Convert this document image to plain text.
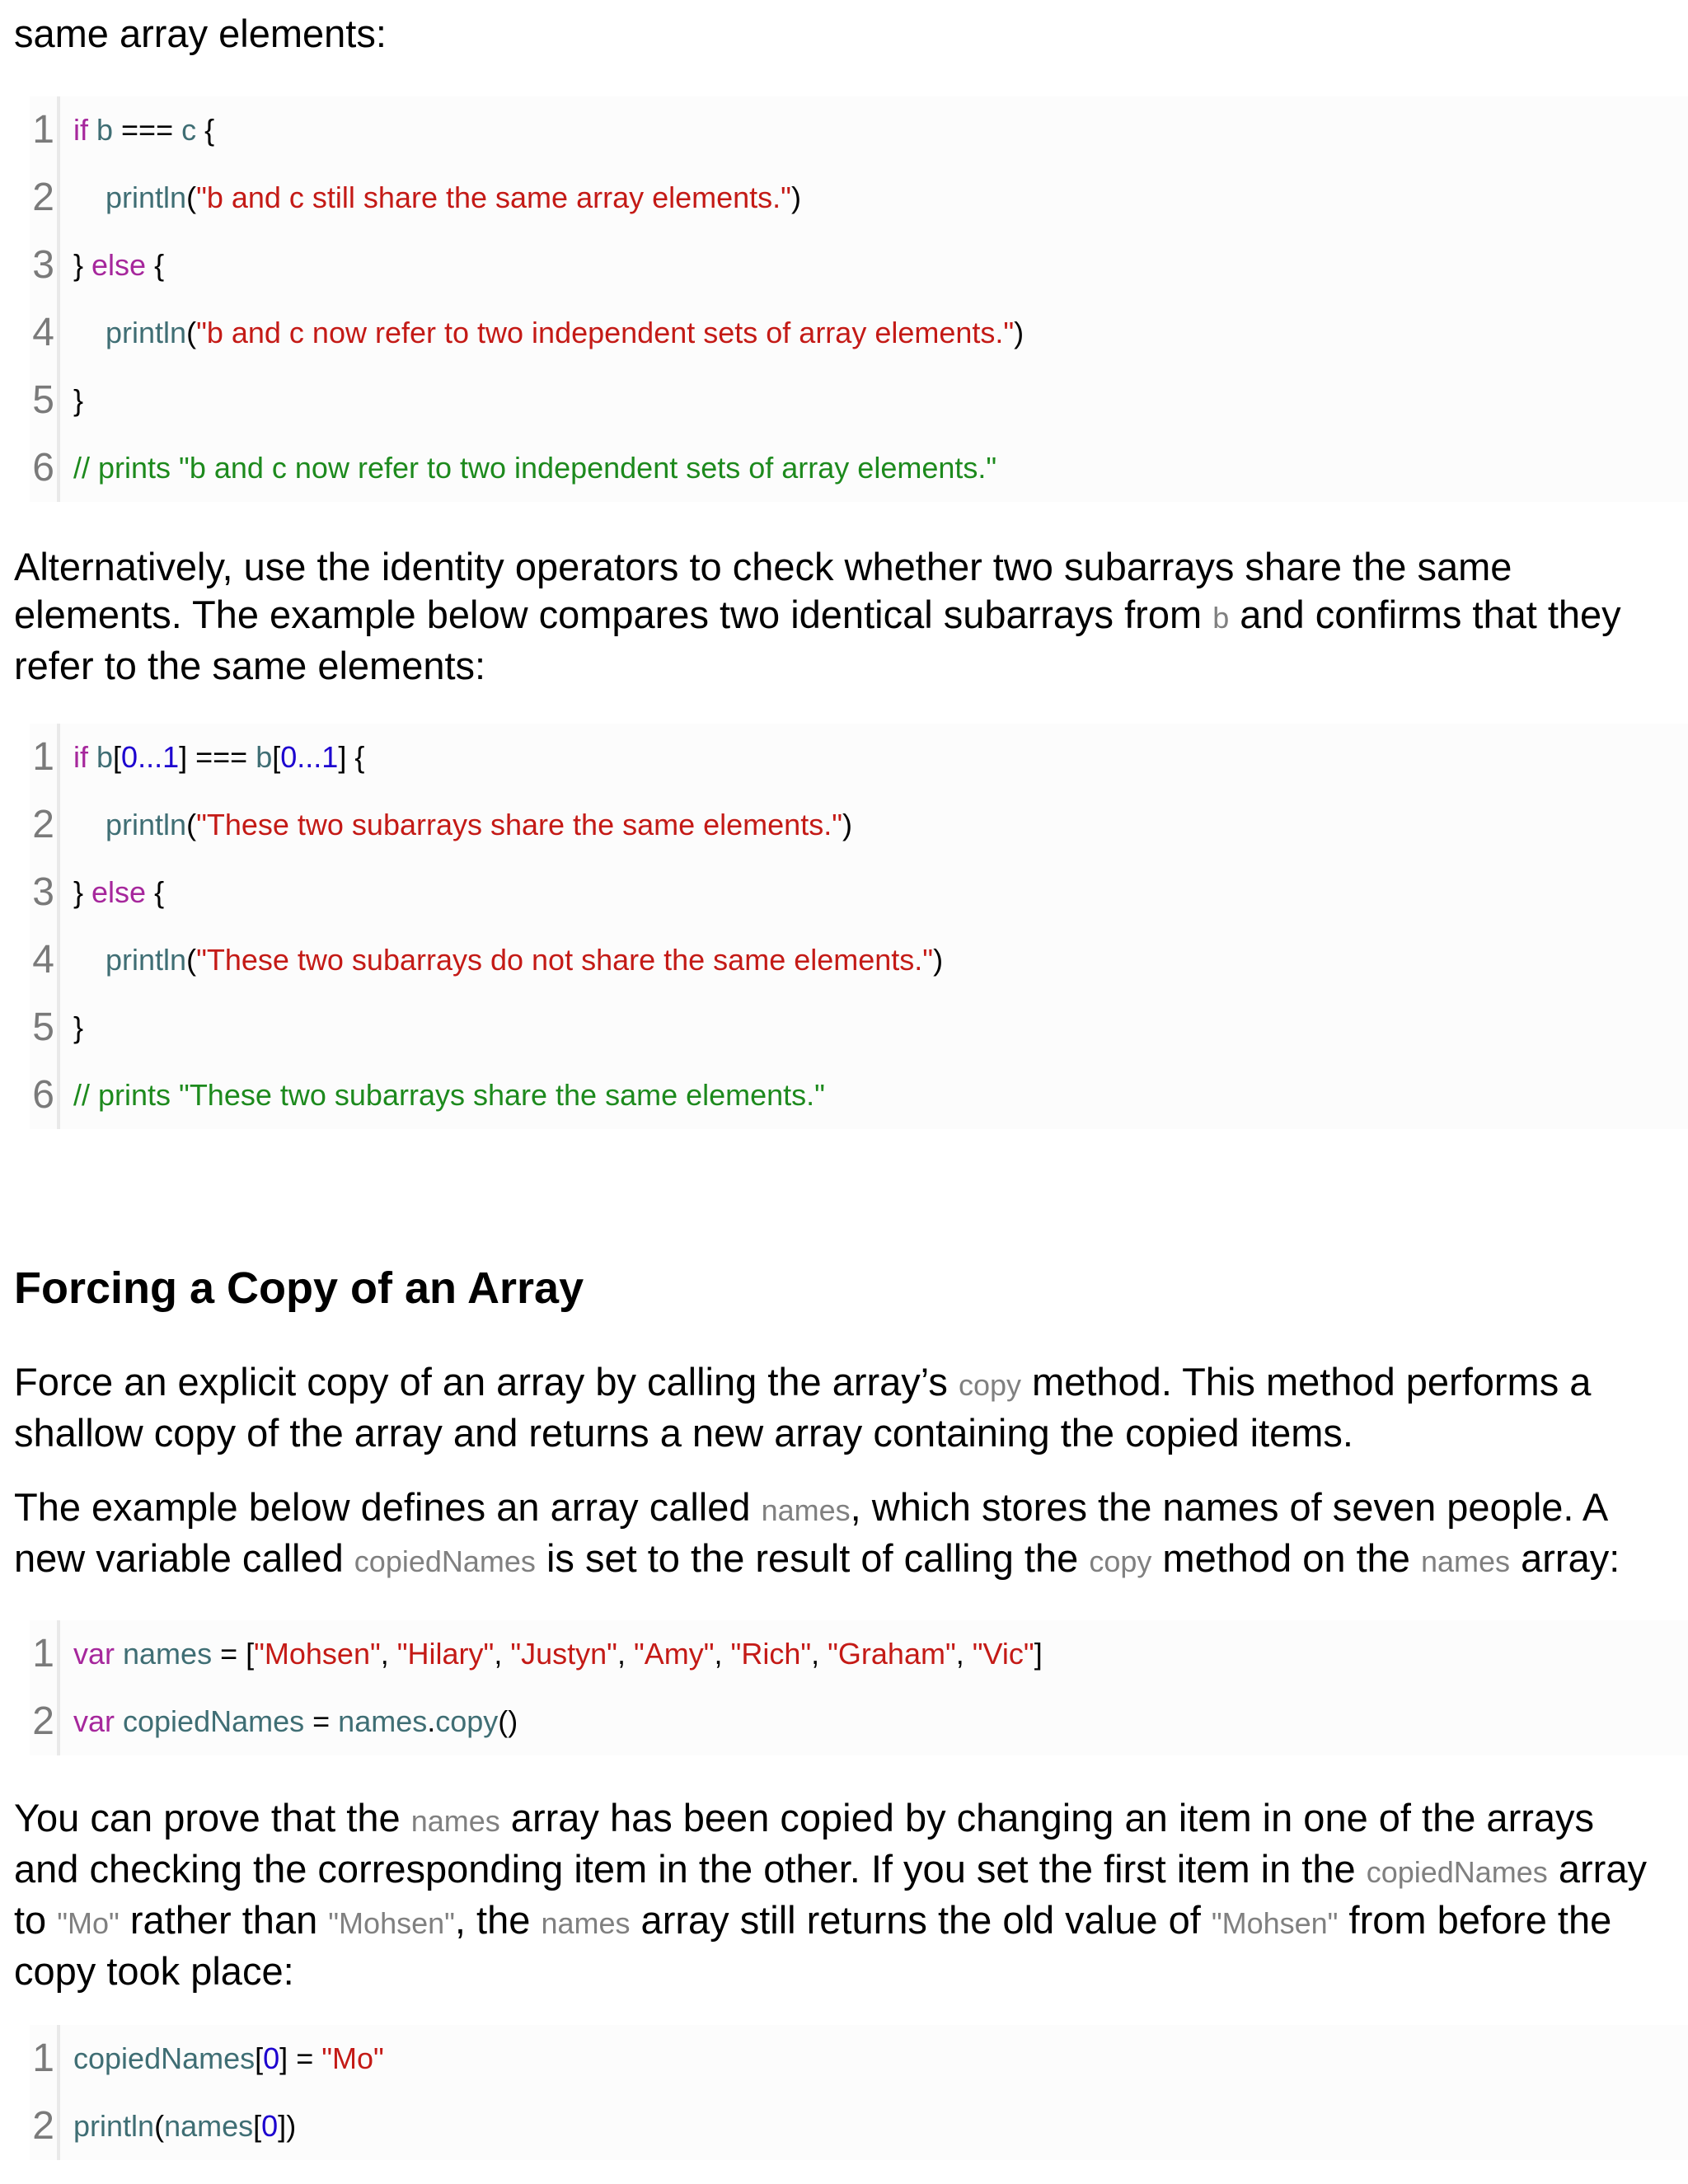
same array elements:

1 if b === c {
2 println("b and c still share the same array elements.")
3 } else {
4 println("b and c now refer to two independent sets of array elements.")
5 }
6 // prints "b and c now refer to two independent sets of array elements."

Alternatively, use the identity operators to check whether two subarrays share the same elements. The example below compares two identical subarrays from b and confirms that they refer to the same elements:

1 if b[0...1] === b[0...1] {
2 println("These two subarrays share the same elements.")
3 } else {
4 println("These two subarrays do not share the same elements.")
5 }
6 // prints "These two subarrays share the same elements."
Forcing a Copy of an Array

Force an explicit copy of an array by calling the array’s copy method. This method performs a shallow copy of the array and returns a new array containing the copied items.

The example below defines an array called names, which stores the names of seven people. A new variable called copiedNames is set to the result of calling the copy method on the names array:

1 var names = ["Mohsen", "Hilary", "Justyn", "Amy", "Rich", "Graham", "Vic"]
2 var copiedNames = names.copy()

You can prove that the names array has been copied by changing an item in one of the arrays and checking the corresponding item in the other. If you set the first item in the copiedNames array to "Mo" rather than "Mohsen", the names array still returns the old value of "Mohsen" from before the copy took place:

1 copiedNames[0] = "Mo"
2 println(names[0])
